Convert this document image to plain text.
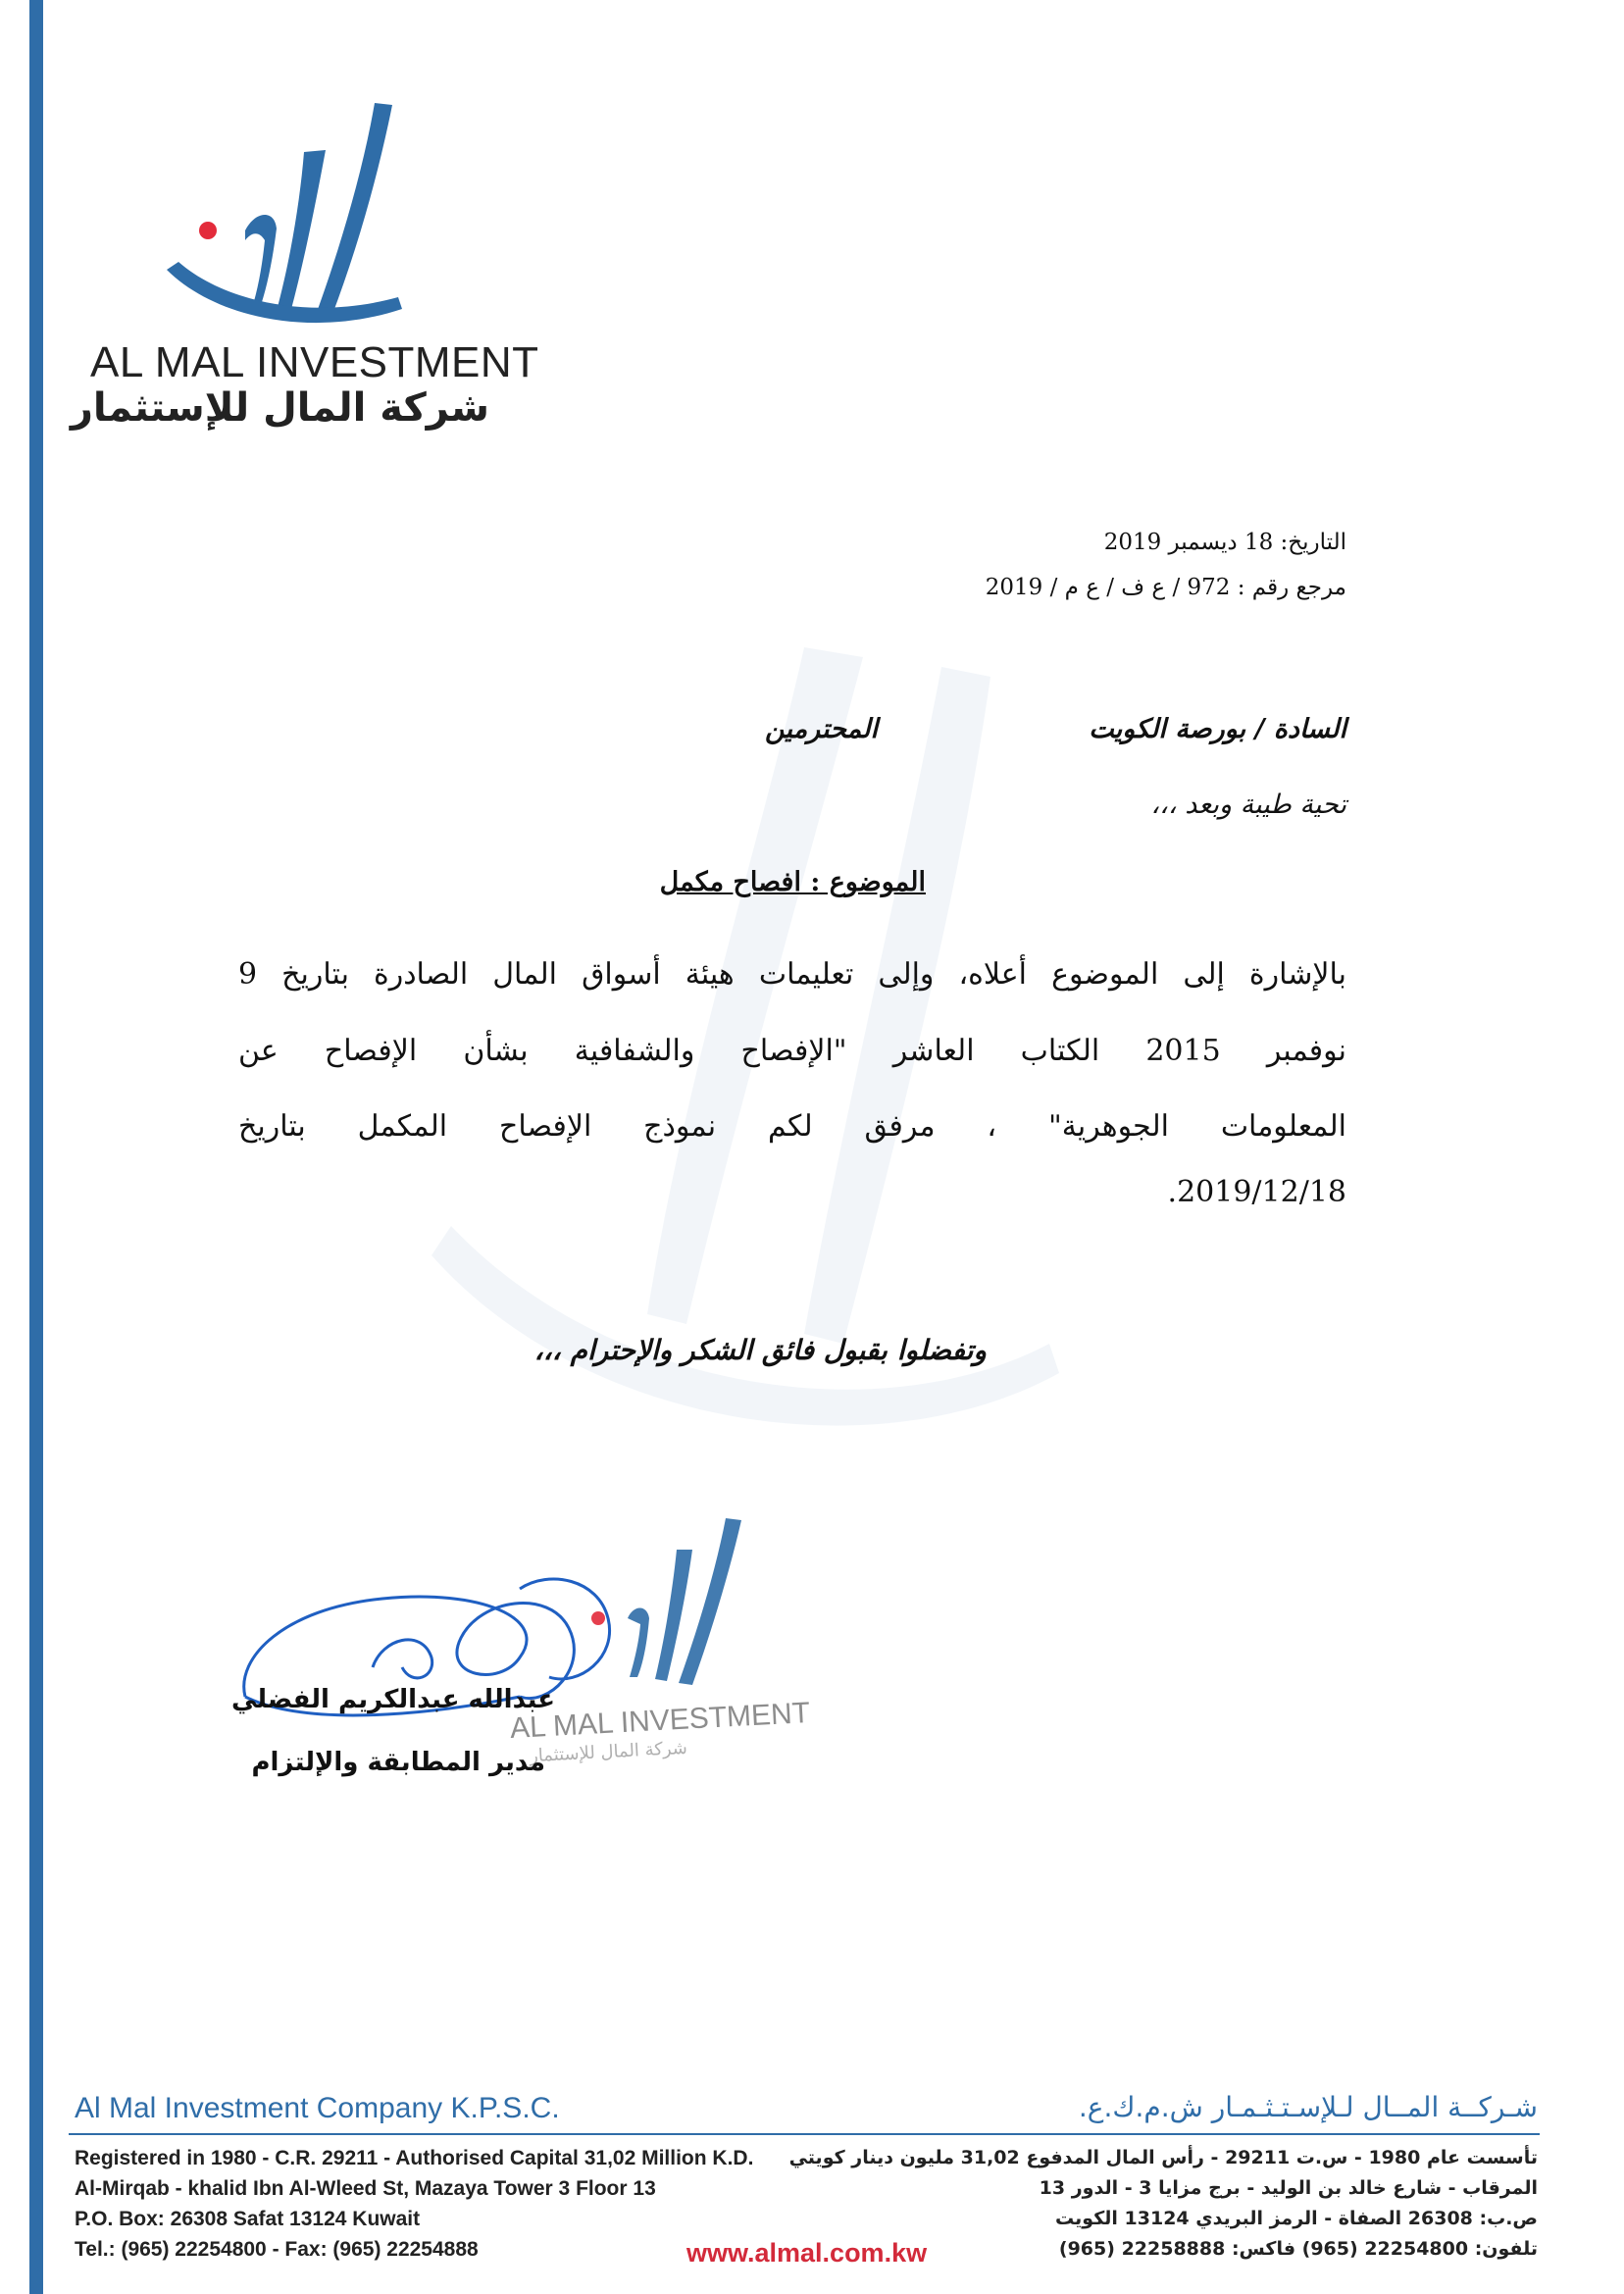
AL MAL INVESTMENT
شركة المال للإستثمار
التاريخ: 18 ديسمبر 2019
مرجع رقم : 972 / ع ف / ع م / 2019
السادة / بورصة الكويت
المحترمين
تحية طيبة وبعد ،،،
الموضوع : افصاح مكمل
بالإشارة إلى الموضوع أعلاه، وإلى تعليمات هيئة أسواق المال الصادرة بتاريخ 9
نوفمبر 2015 الكتاب العاشر "الإفصاح والشفافية بشأن الإفصاح عن
المعلومات الجوهرية" ، مرفق لكم نموذج الإفصاح المكمل بتاريخ
2019/12/18.
وتفضلوا بقبول فائق الشكر والإحترام ،،،
AL MAL INVESTMENT
شركة المال للإستثمار
عبدالله عبدالكريم الفضلي
مدير المطابقة والإلتزام
Al Mal Investment Company K.P.S.C.	شـركــة المــال لـلإسـتـثـمـار ش.م.ك.ع.
Registered in 1980 - C.R. 29211 - Authorised Capital 31,02 Million K.D.
Al-Mirqab - khalid Ibn Al-Wleed St, Mazaya Tower 3 Floor 13
P.O. Box: 26308 Safat 13124 Kuwait
Tel.: (965) 22254800 - Fax: (965) 22254888
تأسست عام 1980 - س.ت 29211 - رأس المال المدفوع 31,02 مليون دينار كويتي
المرقاب - شارع خالد بن الوليد - برج مزايا 3 - الدور 13
ص.ب: 26308 الصفاة - الرمز البريدي 13124 الكويت
تلفون: 22254800 (965) فاكس: 22258888 (965)
www.almal.com.kw
